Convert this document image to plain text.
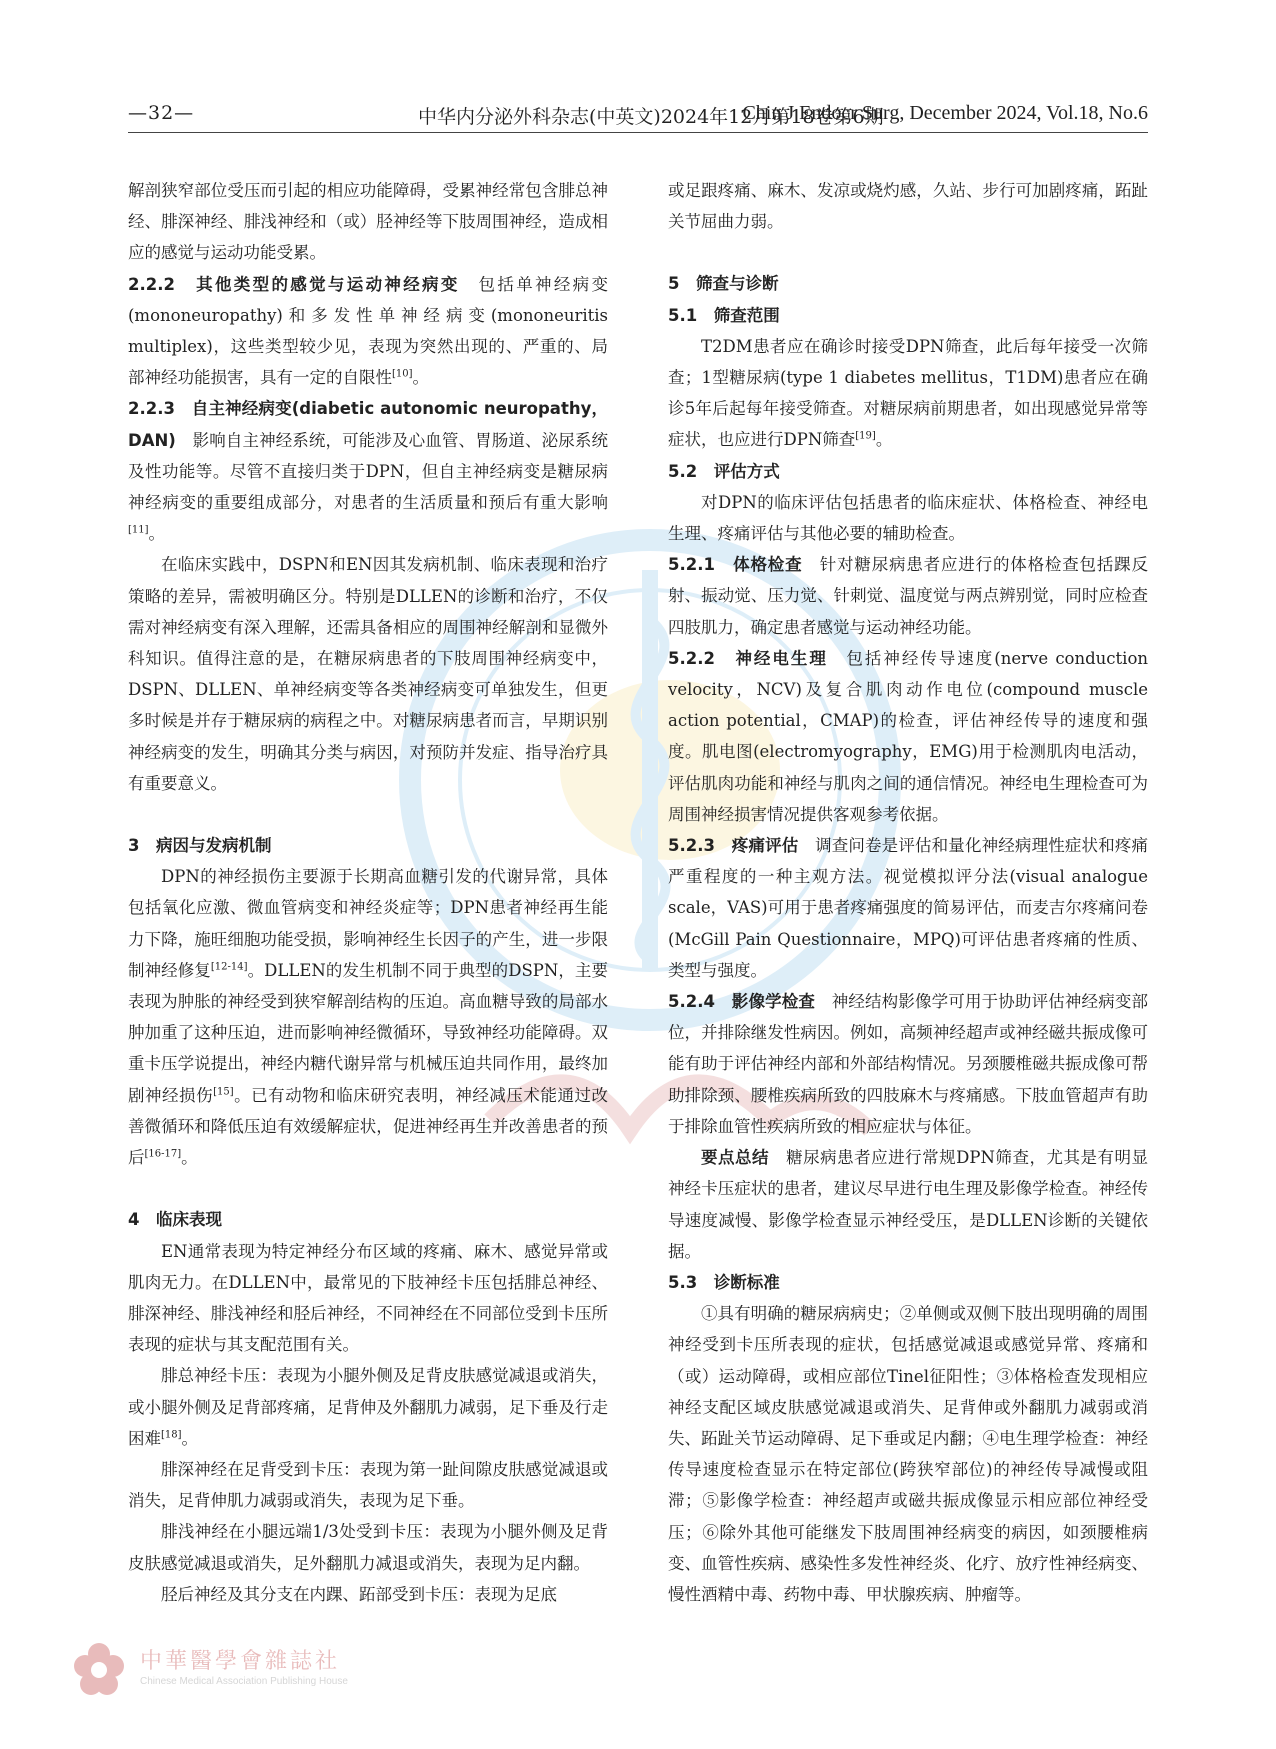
—32—	中华内分泌外科杂志(中英文)2024年12月第18卷第6期
Chin J Endocr Surg, December 2024, Vol.18, No.6

解剖狭窄部位受压而引起的相应功能障碍，受累神经常包含腓总神经、腓深神经、腓浅神经和（或）胫神经等下肢周围神经，造成相应的感觉与运动功能受累。

2.2.2　其他类型的感觉与运动神经病变　 包括单神经病变(mononeuropathy)和多发性单神经病变(mononeuritis multiplex)，这些类型较少见，表现为突然出现的、严重的、局部神经功能损害，具有一定的自限性[10]。

2.2.3　自主神经病变(diabetic autonomic neuropathy，DAN)　 影响自主神经系统，可能涉及心血管、胃肠道、泌尿系统及性功能等。尽管不直接归类于DPN，但自主神经病变是糖尿病神经病变的重要组成部分，对患者的生活质量和预后有重大影响[11]。

在临床实践中，DSPN和EN因其发病机制、临床表现和治疗策略的差异，需被明确区分。特别是DLLEN的诊断和治疗，不仅需对神经病变有深入理解，还需具备相应的周围神经解剖和显微外科知识。值得注意的是，在糖尿病患者的下肢周围神经病变中，DSPN、DLLEN、单神经病变等各类神经病变可单独发生，但更多时候是并存于糖尿病的病程之中。对糖尿病患者而言，早期识别神经病变的发生，明确其分类与病因，对预防并发症、指导治疗具有重要意义。

3　病因与发病机制

DPN的神经损伤主要源于长期高血糖引发的代谢异常，具体包括氧化应激、微血管病变和神经炎症等；DPN患者神经再生能力下降，施旺细胞功能受损，影响神经生长因子的产生，进一步限制神经修复[12-14]。DLLEN的发生机制不同于典型的DSPN，主要表现为肿胀的神经受到狭窄解剖结构的压迫。高血糖导致的局部水肿加重了这种压迫，进而影响神经微循环，导致神经功能障碍。双重卡压学说提出，神经内糖代谢异常与机械压迫共同作用，最终加剧神经损伤[15]。已有动物和临床研究表明，神经减压术能通过改善微循环和降低压迫有效缓解症状，促进神经再生并改善患者的预后[16-17]。

4　临床表现

EN通常表现为特定神经分布区域的疼痛、麻木、感觉异常或肌肉无力。在DLLEN中，最常见的下肢神经卡压包括腓总神经、腓深神经、腓浅神经和胫后神经，不同神经在不同部位受到卡压所表现的症状与其支配范围有关。

腓总神经卡压：表现为小腿外侧及足背皮肤感觉减退或消失，或小腿外侧及足背部疼痛，足背伸及外翻肌力减弱，足下垂及行走困难[18]。

腓深神经在足背受到卡压：表现为第一趾间隙皮肤感觉减退或消失，足背伸肌力减弱或消失，表现为足下垂。

腓浅神经在小腿远端1/3处受到卡压：表现为小腿外侧及足背皮肤感觉减退或消失，足外翻肌力减退或消失，表现为足内翻。

胫后神经及其分支在内踝、跖部受到卡压：表现为足底

或足跟疼痛、麻木、发凉或烧灼感，久站、步行可加剧疼痛，跖趾关节屈曲力弱。

5　筛查与诊断

5.1　筛查范围

T2DM患者应在确诊时接受DPN筛查，此后每年接受一次筛查；1型糖尿病(type 1 diabetes mellitus，T1DM)患者应在确诊5年后起每年接受筛查。对糖尿病前期患者，如出现感觉异常等症状，也应进行DPN筛查[19]。

5.2　评估方式

对DPN的临床评估包括患者的临床症状、体格检查、神经电生理、疼痛评估与其他必要的辅助检查。

5.2.1　体格检查　 针对糖尿病患者应进行的体格检查包括踝反射、振动觉、压力觉、针刺觉、温度觉与两点辨别觉，同时应检查四肢肌力，确定患者感觉与运动神经功能。

5.2.2　神经电生理　 包括神经传导速度(nerve conduction velocity，NCV)及复合肌肉动作电位(compound muscle action potential，CMAP)的检查，评估神经传导的速度和强度。肌电图(electromyography，EMG)用于检测肌肉电活动，评估肌肉功能和神经与肌肉之间的通信情况。神经电生理检查可为周围神经损害情况提供客观参考依据。

5.2.3　疼痛评估　 调查问卷是评估和量化神经病理性症状和疼痛严重程度的一种主观方法。视觉模拟评分法(visual analogue scale，VAS)可用于患者疼痛强度的简易评估，而麦吉尔疼痛问卷(McGill Pain Questionnaire，MPQ)可评估患者疼痛的性质、类型与强度。

5.2.4　影像学检查　 神经结构影像学可用于协助评估神经病变部位，并排除继发性病因。例如，高频神经超声或神经磁共振成像可能有助于评估神经内部和外部结构情况。另颈腰椎磁共振成像可帮助排除颈、腰椎疾病所致的四肢麻木与疼痛感。下肢血管超声有助于排除血管性疾病所致的相应症状与体征。

要点总结　 糖尿病患者应进行常规DPN筛查，尤其是有明显神经卡压症状的患者，建议尽早进行电生理及影像学检查。神经传导速度减慢、影像学检查显示神经受压，是DLLEN诊断的关键依据。

5.3　诊断标准

①具有明确的糖尿病病史；②单侧或双侧下肢出现明确的周围神经受到卡压所表现的症状，包括感觉减退或感觉异常、疼痛和（或）运动障碍，或相应部位Tinel征阳性；③体格检查发现相应神经支配区域皮肤感觉减退或消失、足背伸或外翻肌力减弱或消失、跖趾关节运动障碍、足下垂或足内翻；④电生理学检查：神经传导速度检查显示在特定部位(跨狭窄部位)的神经传导减慢或阻滞；⑤影像学检查：神经超声或磁共振成像显示相应部位神经受压；⑥除外其他可能继发下肢周围神经病变的病因，如颈腰椎病变、血管性疾病、感染性多发性神经炎、化疗、放疗性神经病变、慢性酒精中毒、药物中毒、甲状腺疾病、肿瘤等。

中華醫學會雜誌社
Chinese Medical Association Publishing House
